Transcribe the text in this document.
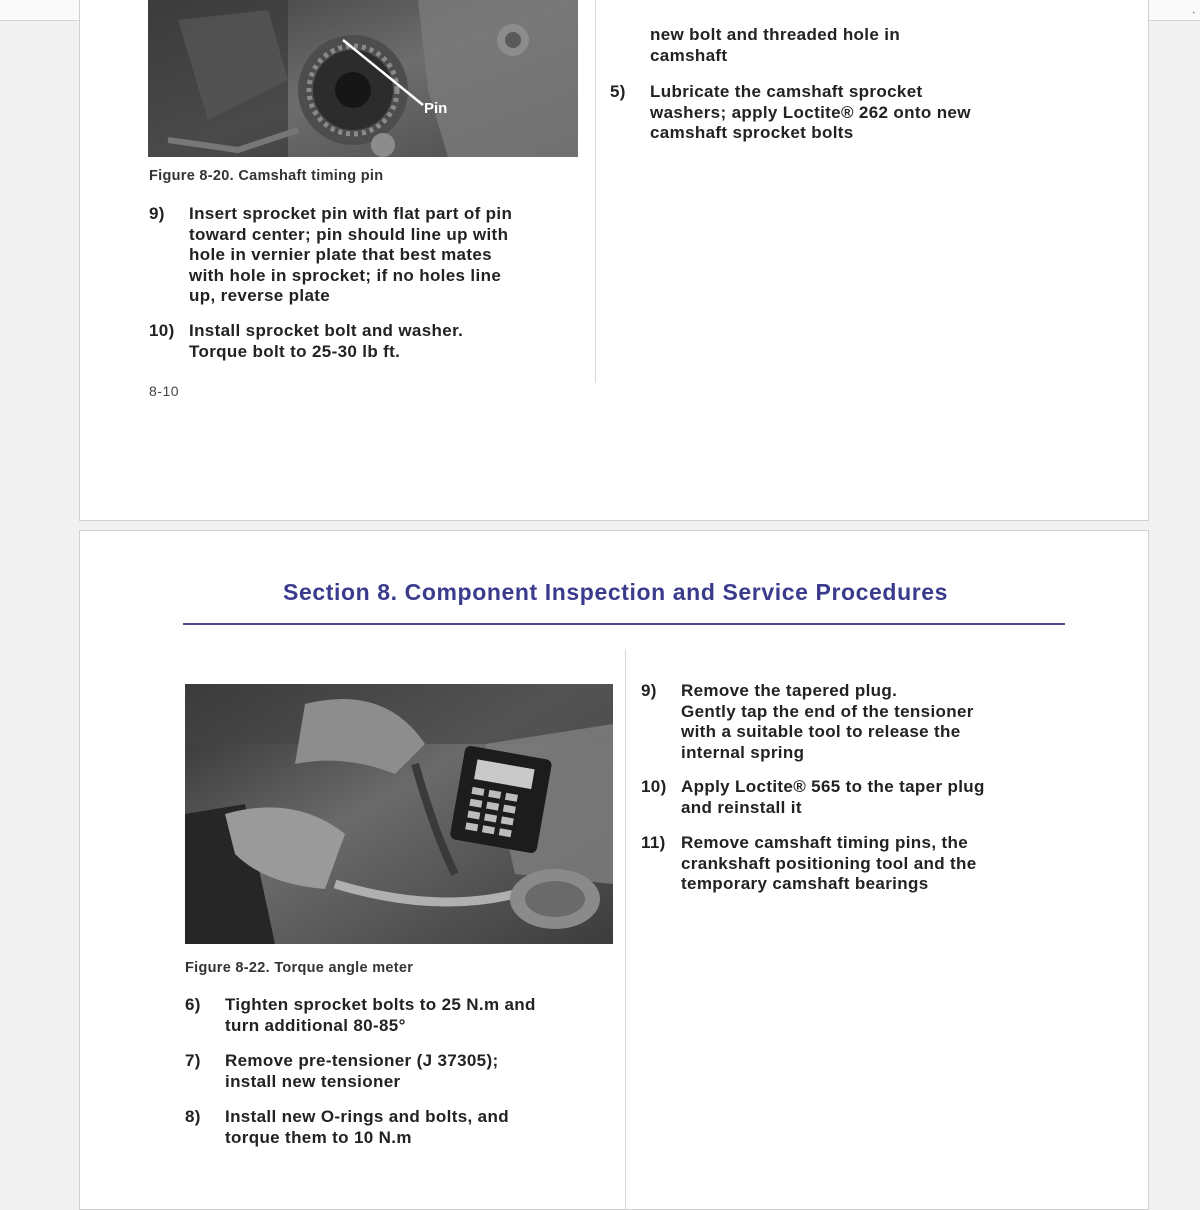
ˎ
Pin
Figure 8-20. Camshaft timing pin
9) Insert sprocket pin with flat part of pin
toward center; pin should line up with
hole in vernier plate that best mates
with hole in sprocket; if no holes line
up, reverse plate
10) Install sprocket bolt and washer.
Torque bolt to 25-30 lb ft.
8-10
new bolt and threaded hole in
camshaft
5) Lubricate the camshaft sprocket
washers; apply Loctite® 262 onto new
camshaft sprocket bolts
Section 8. Component Inspection and Service Procedures
Figure 8-22. Torque angle meter
6) Tighten sprocket bolts to 25 N.m and
turn additional 80-85°
7) Remove pre-tensioner (J 37305);
install new tensioner
8) Install new O-rings and bolts, and
torque them to 10 N.m
9) Remove the tapered plug.
Gently tap the end of the tensioner
with a suitable tool to release the
internal spring
10) Apply Loctite® 565 to the taper plug
and reinstall it
11) Remove camshaft timing pins, the
crankshaft positioning tool and the
temporary camshaft bearings
